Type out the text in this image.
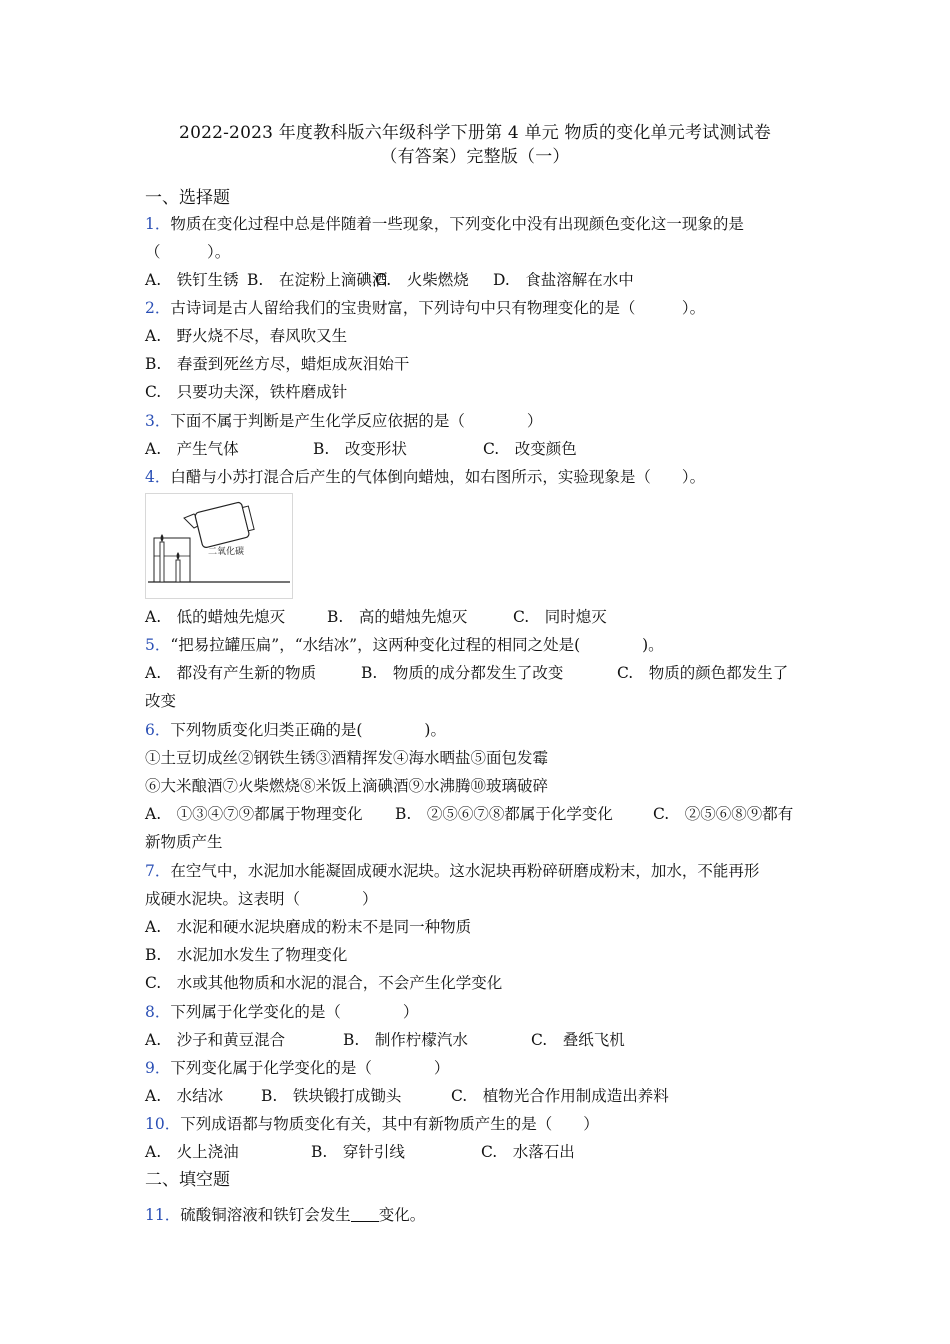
2022-2023 年度教科版六年级科学下册第 4 单元 物质的变化单元考试测试卷
（有答案）完整版（一）
一、选择题
1．物质在变化过程中总是伴随着一些现象，下列变化中没有出现颜色变化这一现象的是
（　　　）。
A.　铁钉生锈 B.　在淀粉上滴碘酒
C.　火柴燃烧 D.　食盐溶解在水中
2．古诗词是古人留给我们的宝贵财富，下列诗句中只有物理变化的是（　　　）。
A.　野火烧不尽，春风吹又生
B.　春蚕到死丝方尽，蜡炬成灰泪始干
C.　只要功夫深，铁杵磨成针
3．下面不属于判断是产生化学反应依据的是（　　　　）
A.　产生气体	B.　改变形状	C.　改变颜色
4．白醋与小苏打混合后产生的气体倒向蜡烛，如右图所示，实验现象是（　　）。
二氧化碳
A.　低的蜡烛先熄灭	B.　高的蜡烛先熄灭	C.　同时熄灭
5．“把易拉罐压扁”，“水结冰”，这两种变化过程的相同之处是(　　　　)。
A.　都没有产生新的物质	B.　物质的成分都发生了改变	C.　物质的颜色都发生了
改变
6．下列物质变化归类正确的是(　　　　)。
①土豆切成丝②钢铁生锈③酒精挥发④海水晒盐⑤面包发霉
⑥大米酿酒⑦火柴燃烧⑧米饭上滴碘酒⑨水沸腾⑩玻璃破碎
A.　①③④⑦⑨都属于物理变化 B.　②⑤⑥⑦⑧都属于化学变化	C.　②⑤⑥⑧⑨都有
新物质产生
7．在空气中，水泥加水能凝固成硬水泥块。这水泥块再粉碎研磨成粉末，加水，不能再形
成硬水泥块。这表明（　　　　）
A.　水泥和硬水泥块磨成的粉末不是同一种物质
B.　水泥加水发生了物理变化
C.　水或其他物质和水泥的混合，不会产生化学变化
8．下列属于化学变化的是（　　　　）
A.　沙子和黄豆混合	B.　制作柠檬汽水	C.　叠纸飞机
9．下列变化属于化学变化的是（　　　　）
A.　水结冰 B.　铁块锻打成锄头	C.　植物光合作用制成造出养料
10．下列成语都与物质变化有关，其中有新物质产生的是（　　）
A.　火上浇油	B.　穿针引线	C.　水落石出
二、填空题
11．硫酸铜溶液和铁钉会发生 变化。
